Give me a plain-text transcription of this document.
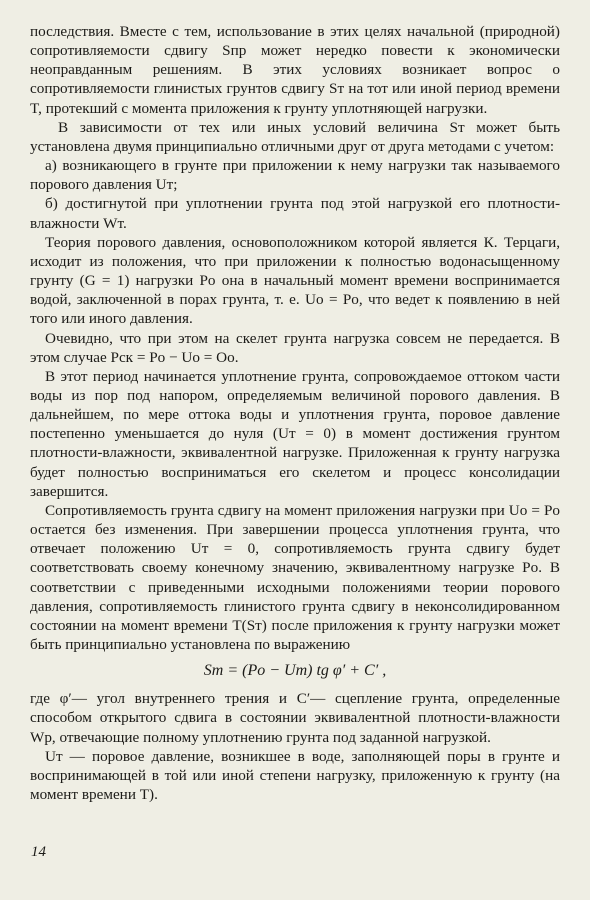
последствия. Вместе с тем, использование в этих целях начальной (природной) сопротивляемости сдвигу Sпр может нередко повести к экономически неоправданным решениям. В этих условиях возникает вопрос о сопротивляемости глинистых грунтов сдвигу Sт на тот или иной период времени T, протекший с момента приложения к грунту уплотняющей нагрузки.

В зависимости от тех или иных условий величина Sт может быть установлена двумя принципиально отличными друг от друга методами с учетом:

а) возникающего в грунте при приложении к нему нагрузки так называемого порового давления Uт;

б) достигнутой при уплотнении грунта под этой нагрузкой его плотности-влажности Wт.

Теория порового давления, основоположником которой является К. Терцаги, исходит из положения, что при приложении к полностью водонасыщенному грунту (G = 1) нагрузки Pо она в начальный момент времени воспринимается водой, заключенной в порах грунта, т. е. Uо = Pо, что ведет к появлению в ней того или иного давления.

Очевидно, что при этом на скелет грунта нагрузка совсем не передается. В этом случае Pск = Pо − Uо = Oо.

В этот период начинается уплотнение грунта, сопровождаемое оттоком части воды из пор под напором, определяемым величиной порового давления. В дальнейшем, по мере оттока воды и уплотнения грунта, поровое давление постепенно уменьшается до нуля (Uт = 0) в момент достижения грунтом плотности-влажности, эквивалентной нагрузке. Приложенная к грунту нагрузка будет полностью восприниматься его скелетом и процесс консолидации завершится.

Сопротивляемость грунта сдвигу на момент приложения нагрузки при Uо = Pо остается без изменения. При завершении процесса уплотнения грунта, что отвечает положению Uт = 0, сопротивляемость грунта сдвигу будет соответствовать своему конечному значению, эквивалентному нагрузке Pо. В соответствии с приведенными исходными положениями теории порового давления, сопротивляемость глинистого грунта сдвигу в неконсолидированном состоянии на момент времени T(Sт) после приложения к грунту нагрузки может быть принципиально установлена по выражению

Sт = (Pо − Uт) tg φ′ + C′ ,

где φ′— угол внутреннего трения и C′— сцепление грунта, определенные способом открытого сдвига в состоянии эквивалентной плотности-влажности Wр, отвечающие полному уплотнению грунта под заданной нагрузкой.

Uт — поровое давление, возникшее в воде, заполняющей поры в грунте и воспринимающей в той или иной степени нагрузку, приложенную к грунту (на момент времени T).

14
